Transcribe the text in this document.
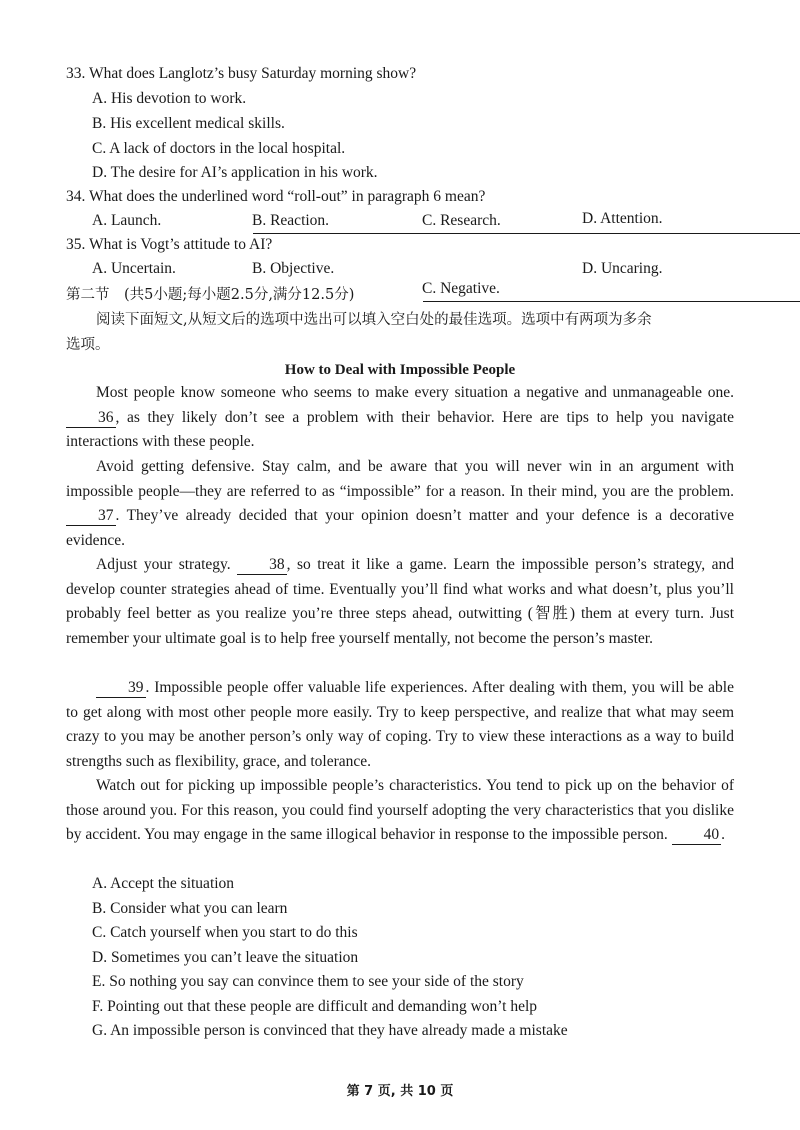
33. What does Langlotz’s busy Saturday morning show?
A. His devotion to work.
B. His excellent medical skills.
C. A lack of doctors in the local hospital.
D. The desire for AI’s application in his work.
34. What does the underlined word “roll-out” in paragraph 6 mean?
A. Launch.	B. Reaction.	C. Research.	D. Attention.
35. What is Vogt’s attitude to AI?
A. Uncertain.	B. Objective.
C. Negative.
D. Uncaring.
第二节　(共5小题;每小题2.5分,满分12.5分)
阅读下面短文,从短文后的选项中选出可以填入空白处的最佳选项。选项中有两项为多余
选项。
How to Deal with Impossible People

Most people know someone who seems to make every situation a negative and unmanageable one. 36 , as they likely don’t see a problem with their behavior. Here are tips to help you navigate interactions with these people.

Avoid getting defensive. Stay calm, and be aware that you will never win in an argument with impossible people—they are referred to as “impossible” for a reason. In their mind, you are the problem. 37 . They’ve already decided that your opinion doesn’t matter and your defence is a decorative evidence.

Adjust your strategy. 38 , so treat it like a game. Learn the impossible person’s strategy, and develop counter strategies ahead of time. Eventually you’ll find what works and what doesn’t, plus you’ll probably feel better as you realize you’re three steps ahead, outwitting (智胜) them at every turn. Just remember your ultimate goal is to help free yourself mentally, not become the person’s master.

39 . Impossible people offer valuable life experiences. After dealing with them, you will be able to get along with most other people more easily. Try to keep perspective, and realize that what may seem crazy to you may be another person’s only way of coping. Try to view these interactions as a way to build strengths such as flexibility, grace, and tolerance.

Watch out for picking up impossible people’s characteristics. You tend to pick up on the behavior of those around you. For this reason, you could find yourself adopting the very characteristics that you dislike by accident. You may engage in the same illogical behavior in response to the impossible person. 40 .

A. Accept the situation
B. Consider what you can learn
C. Catch yourself when you start to do this
D. Sometimes you can’t leave the situation
E. So nothing you say can convince them to see your side of the story
F. Pointing out that these people are difficult and demanding won’t help
G. An impossible person is convinced that they have already made a mistake
第 7 页, 共 10 页
